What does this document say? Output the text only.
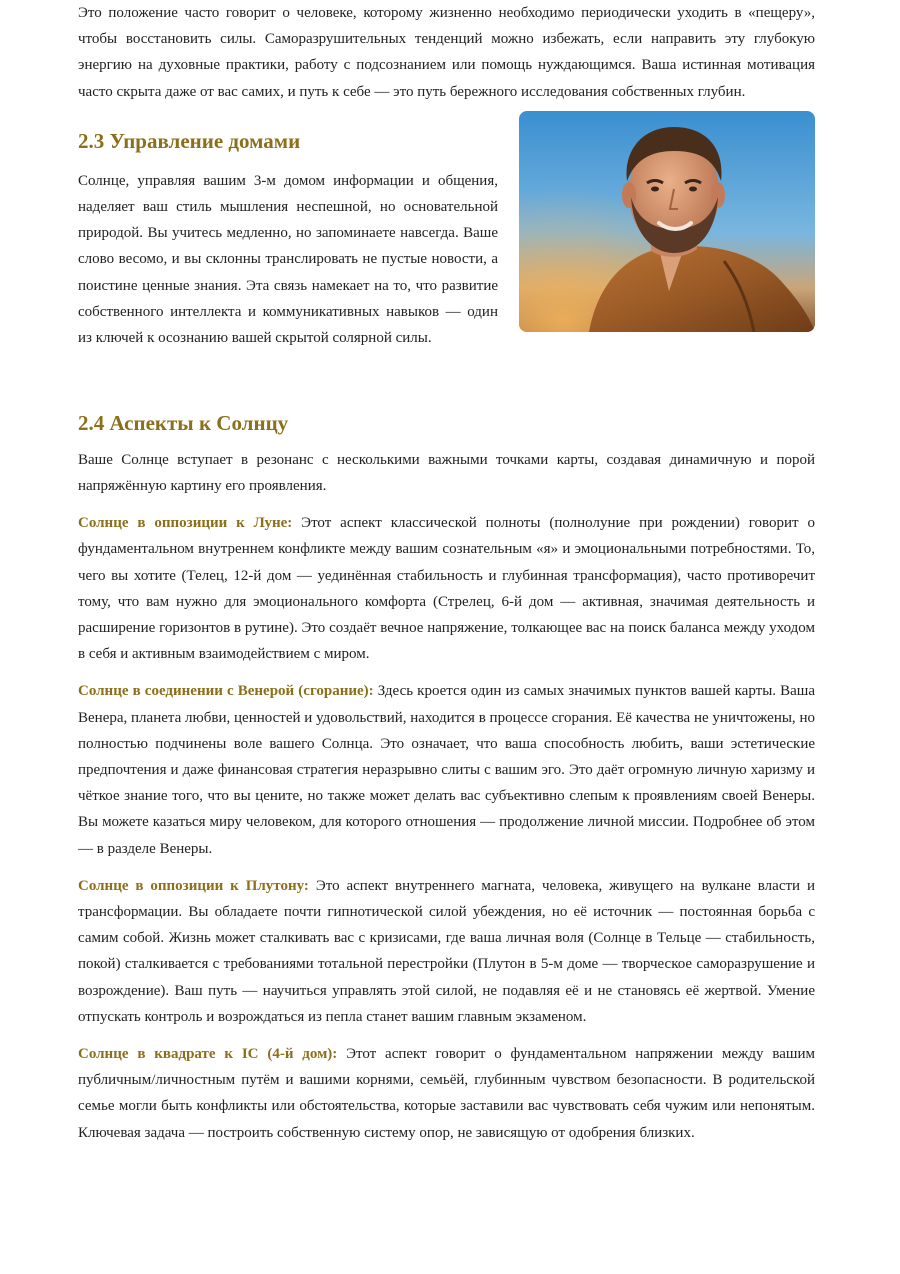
Это положение часто говорит о человеке, которому жизненно необходимо периодически уходить в «пещеру», чтобы восстановить силы. Саморазрушительных тенденций можно избежать, если направить эту глубокую энергию на духовные практики, работу с подсознанием или помощь нуждающимся. Ваша истинная мотивация часто скрыта даже от вас самих, и путь к себе — это путь бережного исследования собственных глубин.

2.3 Управление домами

Солнце, управляя вашим 3-м домом информации и общения, наделяет ваш стиль мышления неспешной, но основательной природой. Вы учитесь медленно, но запоминаете навсегда. Ваше слово весомо, и вы склонны транслировать не пустые новости, а поистине ценные знания. Эта связь намекает на то, что развитие собственного интеллекта и коммуникативных навыков — один из ключей к осознанию вашей скрытой солярной силы.

2.4 Аспекты к Солнцу

Ваше Солнце вступает в резонанс с несколькими важными точками карты, создавая динамичную и порой напряжённую картину его проявления.

Солнце в оппозиции к Луне: Этот аспект классической полноты (полнолуние при рождении) говорит о фундаментальном внутреннем конфликте между вашим сознательным «я» и эмоциональными потребностями. То, чего вы хотите (Телец, 12-й дом — уединённая стабильность и глубинная трансформация), часто противоречит тому, что вам нужно для эмоционального комфорта (Стрелец, 6-й дом — активная, значимая деятельность и расширение горизонтов в рутине). Это создаёт вечное напряжение, толкающее вас на поиск баланса между уходом в себя и активным взаимодействием с миром.

Солнце в соединении с Венерой (сгорание): Здесь кроется один из самых значимых пунктов вашей карты. Ваша Венера, планета любви, ценностей и удовольствий, находится в процессе сгорания. Её качества не уничтожены, но полностью подчинены воле вашего Солнца. Это означает, что ваша способность любить, ваши эстетические предпочтения и даже финансовая стратегия неразрывно слиты с вашим эго. Это даёт огромную личную харизму и чёткое знание того, что вы цените, но также может делать вас субъективно слепым к проявлениям своей Венеры. Вы можете казаться миру человеком, для которого отношения — продолжение личной миссии. Подробнее об этом — в разделе Венеры.

Солнце в оппозиции к Плутону: Это аспект внутреннего магната, человека, живущего на вулкане власти и трансформации. Вы обладаете почти гипнотической силой убеждения, но её источник — постоянная борьба с самим собой. Жизнь может сталкивать вас с кризисами, где ваша личная воля (Солнце в Тельце — стабильность, покой) сталкивается с требованиями тотальной перестройки (Плутон в 5-м доме — творческое саморазрушение и возрождение). Ваш путь — научиться управлять этой силой, не подавляя её и не становясь её жертвой. Умение отпускать контроль и возрождаться из пепла станет вашим главным экзаменом.

Солнце в квадрате к IC (4-й дом): Этот аспект говорит о фундаментальном напряжении между вашим публичным/личностным путём и вашими корнями, семьёй, глубинным чувством безопасности. В родительской семье могли быть конфликты или обстоятельства, которые заставили вас чувствовать себя чужим или непонятым. Ключевая задача — построить собственную систему опор, не зависящую от одобрения близких.
